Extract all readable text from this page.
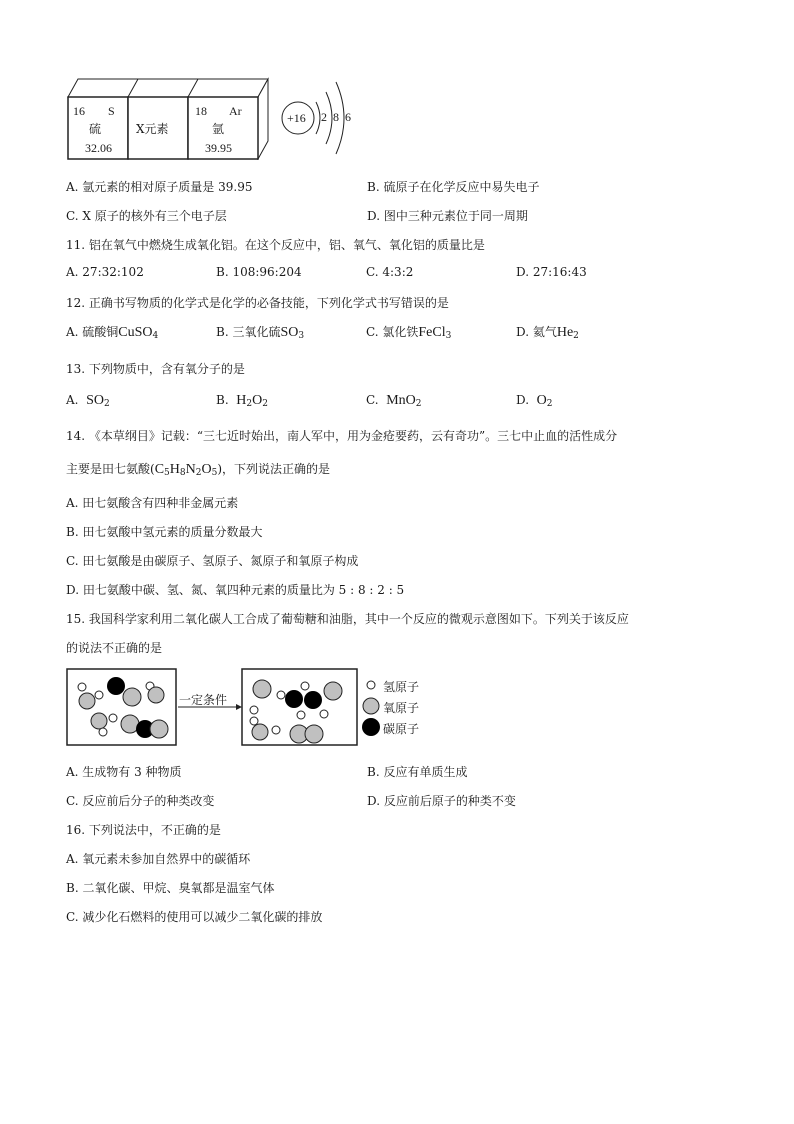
16 S
硫
32.06
X元素
18 Ar
氩
39.95
+16 2 8 6
A. 氩元素的相对原子质量是 39.95	B. 硫原子在化学反应中易失电子
C. X 原子的核外有三个电子层	D. 图中三种元素位于同一周期
11. 铝在氧气中燃烧生成氧化铝。在这个反应中，铝、氧气、氧化铝的质量比是
A. 27:32:102	B. 108:96:204	C. 4:3:2	D. 27:16:43
12. 正确书写物质的化学式是化学的必备技能，下列化学式书写错误的是
A. 硫酸铜CuSO$_4$	B. 三氧化硫$SO_3$	C. 氯化铁FeCl$_3$	D. 氦气$He_2$
13. 下列物质中，含有氧分子的是
A. $SO_2$	B. $H_2O_2$	C. MnO$_2$	D. $O_2$
14. 《本草纲目》记载：“三七近时始出，南人军中，用为金疮要药，云有奇功”。三七中止血的活性成分
主要是田七氨酸$(C_5H_8N_2O_5)$，下列说法正确的是
A. 田七氨酸含有四种非金属元素
B. 田七氨酸中氢元素的质量分数最大
C. 田七氨酸是由碳原子、氢原子、氮原子和氧原子构成
D. 田七氨酸中碳、氢、氮、氧四种元素的质量比为 5 : 8 : 2 : 5
15. 我国科学家利用二氧化碳人工合成了葡萄糖和油脂，其中一个反应的微观示意图如下。下列关于该反应
的说法不正确的是
一定条件
氢原子
氧原子
碳原子
A. 生成物有 3 种物质	B. 反应有单质生成
C. 反应前后分子的种类改变	D. 反应前后原子的种类不变
16. 下列说法中，不正确的是
A. 氧元素未参加自然界中的碳循环
B. 二氧化碳、甲烷、臭氧都是温室气体
C. 减少化石燃料的使用可以减少二氧化碳的排放
